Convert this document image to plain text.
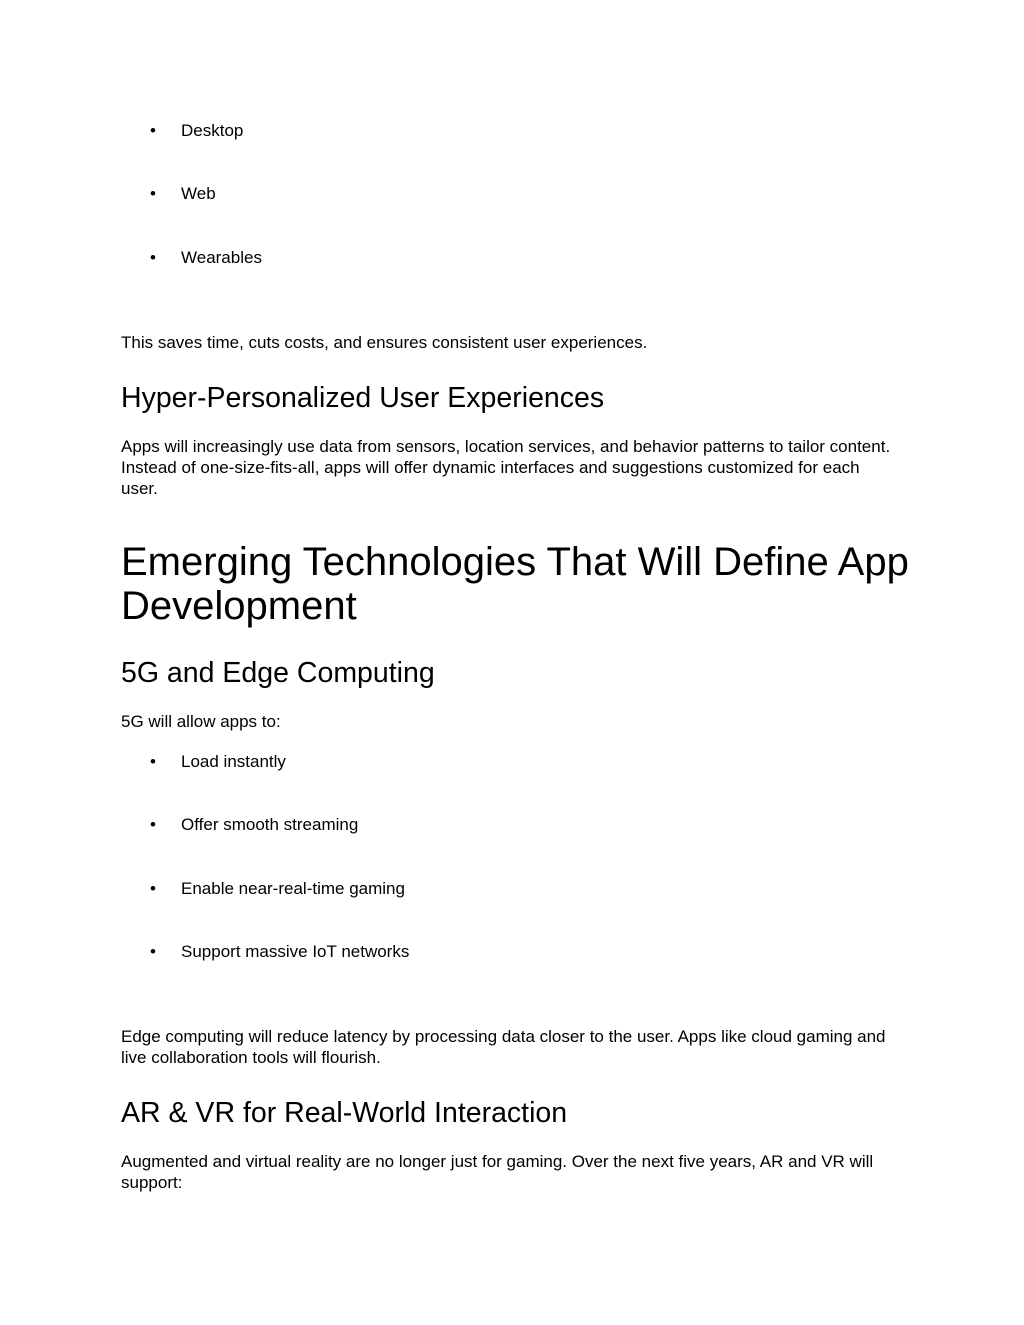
• Desktop
• Web
• Wearables

This saves time, cuts costs, and ensures consistent user experiences.

Hyper-Personalized User Experiences

Apps will increasingly use data from sensors, location services, and behavior patterns to tailor content. Instead of one-size-fits-all, apps will offer dynamic interfaces and suggestions customized for each user.

Emerging Technologies That Will Define App Development
5G and Edge Computing

5G will allow apps to:

• Load instantly
• Offer smooth streaming
• Enable near-real-time gaming
• Support massive IoT networks

Edge computing will reduce latency by processing data closer to the user. Apps like cloud gaming and live collaboration tools will flourish.

AR & VR for Real-World Interaction

Augmented and virtual reality are no longer just for gaming. Over the next five years, AR and VR will support:
